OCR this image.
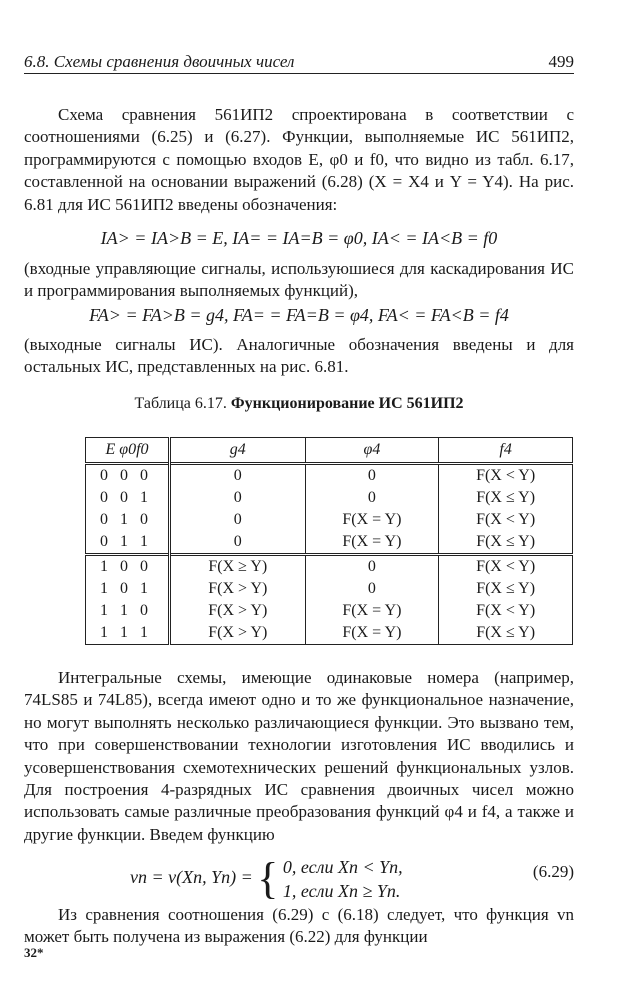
6.8. Схемы сравнения двоичных чисел	499
Схема сравнения 561ИП2 спроектирована в соответствии с соотношениями (6.25) и (6.27). Функции, выполняемые ИС 561ИП2, программируются с помощью входов E, φ0 и f0, что видно из табл. 6.17, составленной на основании выражений (6.28) (X = X4 и Y = Y4). На рис. 6.81 для ИС 561ИП2 введены обозначения:
IA> = IA>B = E, IA= = IA=B = φ0, IA< = IA<B = f0
(входные управляющие сигналы, используюшиеся для каскадирования ИС и программирования выполняемых функций),
FA> = FA>B = g4, FA= = FA=B = φ4, FA< = FA<B = f4
(выходные сигналы ИС). Аналогичные обозначения введены и для остальных ИС, представленных на рис. 6.81.
Таблица 6.17. Функционирование ИС 561ИП2
E φ0f0	g4	φ4	f4
0 0 0	0	0	F(X < Y)
0 0 1	0	0	F(X ≤ Y)
0 1 0	0	F(X = Y)	F(X < Y)
0 1 1	0	F(X = Y)	F(X ≤ Y)
1 0 0	F(X ≥ Y)	0	F(X < Y)
1 0 1	F(X > Y)	0	F(X ≤ Y)
1 1 0	F(X > Y)	F(X = Y)	F(X < Y)
1 1 1	F(X > Y)	F(X = Y)	F(X ≤ Y)
Интегральные схемы, имеющие одинаковые номера (например, 74LS85 и 74L85), всегда имеют одно и то же функциональное назначение, но могут выполнять несколько различающиеся функции. Это вызвано тем, что при совершенствовании технологии изготовления ИС вводились и усовершенствования схемотехнических решений функциональных узлов. Для построения 4-разрядных ИС сравнения двоичных чисел можно использовать самые различные преобразования функций φ4 и f4, а также и другие функции. Введем функцию
vn = v(Xn, Yn) = { 0, если Xn < Yn,
1, если Xn ≥ Yn.
(6.29)
Из сравнения соотношения (6.29) с (6.18) следует, что функция vn может быть получена из выражения (6.22) для функции
32*
